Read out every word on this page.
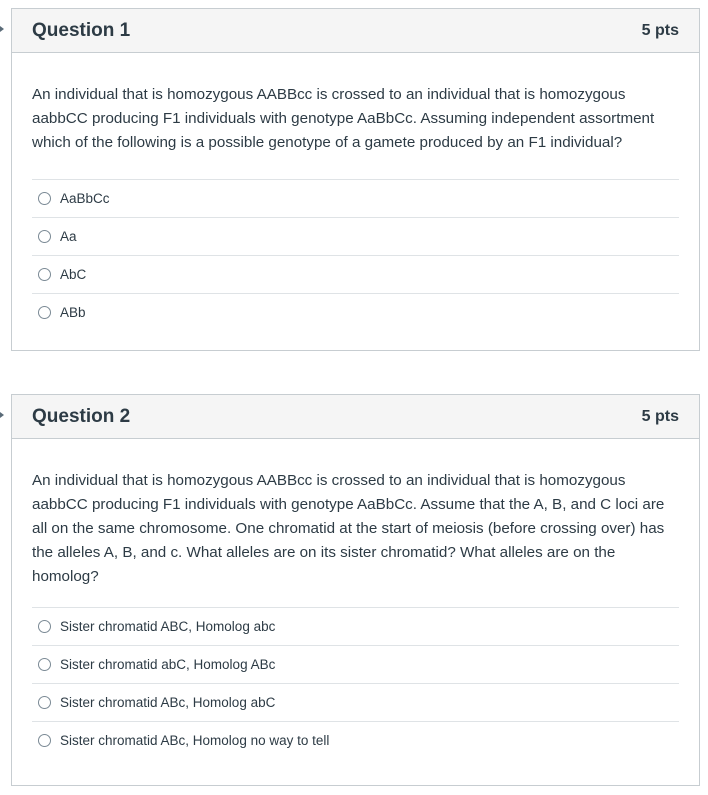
Question 1	5 pts

An individual that is homozygous AABBcc is crossed to an individual that is homozygous aabbCC producing F1 individuals with genotype AaBbCc. Assuming independent assortment which of the following is a possible genotype of a gamete produced by an F1 individual?

AaBbCc
Aa
AbC
ABb
Question 2	5 pts

An individual that is homozygous AABBcc is crossed to an individual that is homozygous aabbCC producing F1 individuals with genotype AaBbCc. Assume that the A, B, and C loci are all on the same chromosome. One chromatid at the start of meiosis (before crossing over) has the alleles A, B, and c. What alleles are on its sister chromatid? What alleles are on the homolog?

Sister chromatid ABC, Homolog abc
Sister chromatid abC, Homolog ABc
Sister chromatid ABc, Homolog abC
Sister chromatid ABc, Homolog no way to tell
